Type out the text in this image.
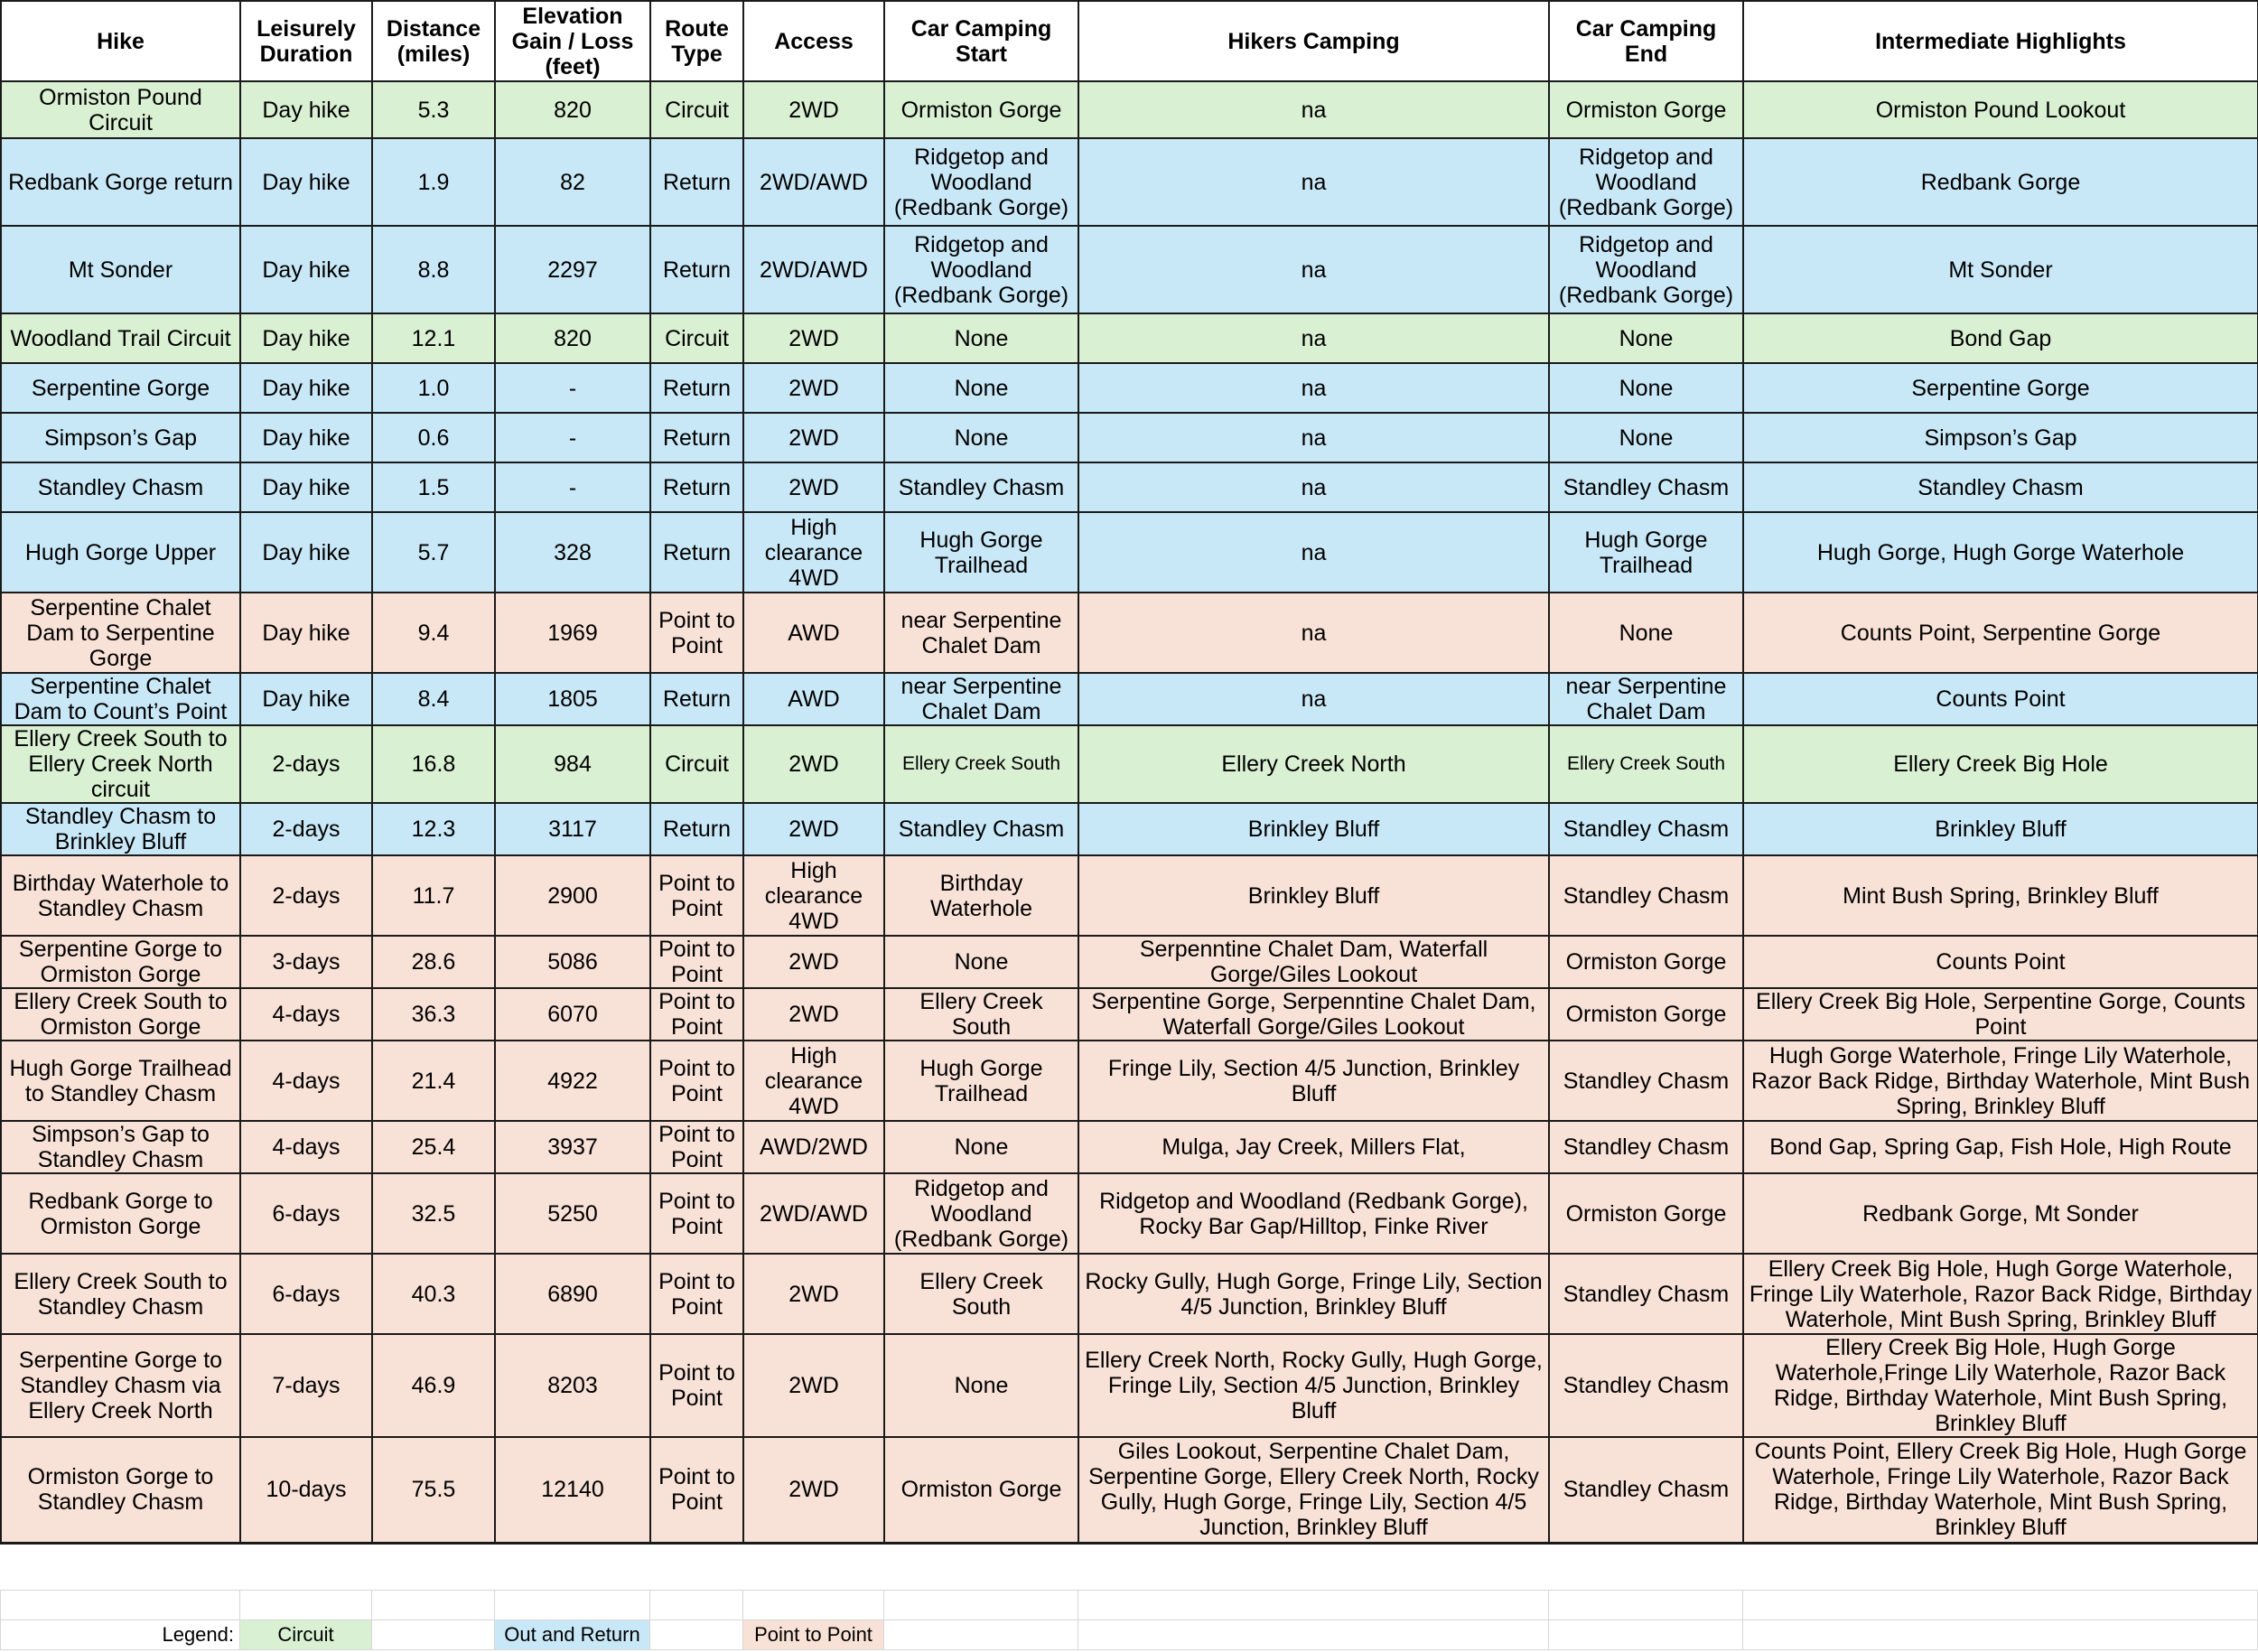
Hike	Leisurely Duration	Distance (miles)	Elevation Gain / Loss (feet)	Route Type	Access	Car Camping Start	Hikers Camping	Car Camping End	Intermediate Highlights
Ormiston Pound Circuit	Day hike	5.3	820	Circuit	2WD	Ormiston Gorge	na	Ormiston Gorge	Ormiston Pound Lookout
Redbank Gorge return	Day hike	1.9	82	Return	2WD/AWD	Ridgetop and Woodland (Redbank Gorge)	na	Ridgetop and Woodland (Redbank Gorge)	Redbank Gorge
Mt Sonder	Day hike	8.8	2297	Return	2WD/AWD	Ridgetop and Woodland (Redbank Gorge)	na	Ridgetop and Woodland (Redbank Gorge)	Mt Sonder
Woodland Trail Circuit	Day hike	12.1	820	Circuit	2WD	None	na	None	Bond Gap
Serpentine Gorge	Day hike	1.0	-	Return	2WD	None	na	None	Serpentine Gorge
Simpson’s Gap	Day hike	0.6	-	Return	2WD	None	na	None	Simpson’s Gap
Standley Chasm	Day hike	1.5	-	Return	2WD	Standley Chasm	na	Standley Chasm	Standley Chasm
Hugh Gorge Upper	Day hike	5.7	328	Return	High clearance 4WD	Hugh Gorge Trailhead	na	Hugh Gorge Trailhead	Hugh Gorge, Hugh Gorge Waterhole
Serpentine Chalet Dam to Serpentine Gorge	Day hike	9.4	1969	Point to Point	AWD	near Serpentine Chalet Dam	na	None	Counts Point, Serpentine Gorge
Serpentine Chalet Dam to Count’s Point	Day hike	8.4	1805	Return	AWD	near Serpentine Chalet Dam	na	near Serpentine Chalet Dam	Counts Point
Ellery Creek South to Ellery Creek North circuit	2-days	16.8	984	Circuit	2WD	Ellery Creek South	Ellery Creek North	Ellery Creek South	Ellery Creek Big Hole
Standley Chasm to Brinkley Bluff	2-days	12.3	3117	Return	2WD	Standley Chasm	Brinkley Bluff	Standley Chasm	Brinkley Bluff
Birthday Waterhole to Standley Chasm	2-days	11.7	2900	Point to Point	High clearance 4WD	Birthday Waterhole	Brinkley Bluff	Standley Chasm	Mint Bush Spring, Brinkley Bluff
Serpentine Gorge to Ormiston Gorge	3-days	28.6	5086	Point to Point	2WD	None	Serpenntine Chalet Dam, Waterfall Gorge/Giles Lookout	Ormiston Gorge	Counts Point
Ellery Creek South to Ormiston Gorge	4-days	36.3	6070	Point to Point	2WD	Ellery Creek South	Serpentine Gorge, Serpenntine Chalet Dam, Waterfall Gorge/Giles Lookout	Ormiston Gorge	Ellery Creek Big Hole, Serpentine Gorge, Counts Point
Hugh Gorge Trailhead to Standley Chasm	4-days	21.4	4922	Point to Point	High clearance 4WD	Hugh Gorge Trailhead	Fringe Lily, Section 4/5 Junction, Brinkley Bluff	Standley Chasm	Hugh Gorge Waterhole, Fringe Lily Waterhole, Razor Back Ridge, Birthday Waterhole, Mint Bush Spring, Brinkley Bluff
Simpson’s Gap to Standley Chasm	4-days	25.4	3937	Point to Point	AWD/2WD	None	Mulga, Jay Creek, Millers Flat,	Standley Chasm	Bond Gap, Spring Gap, Fish Hole, High Route
Redbank Gorge to Ormiston Gorge	6-days	32.5	5250	Point to Point	2WD/AWD	Ridgetop and Woodland (Redbank Gorge)	Ridgetop and Woodland (Redbank Gorge), Rocky Bar Gap/Hilltop, Finke River	Ormiston Gorge	Redbank Gorge, Mt Sonder
Ellery Creek South to Standley Chasm	6-days	40.3	6890	Point to Point	2WD	Ellery Creek South	Rocky Gully, Hugh Gorge, Fringe Lily, Section 4/5 Junction, Brinkley Bluff	Standley Chasm	Ellery Creek Big Hole, Hugh Gorge Waterhole, Fringe Lily Waterhole, Razor Back Ridge, Birthday Waterhole, Mint Bush Spring, Brinkley Bluff
Serpentine Gorge to Standley Chasm via Ellery Creek North	7-days	46.9	8203	Point to Point	2WD	None	Ellery Creek North, Rocky Gully, Hugh Gorge, Fringe Lily, Section 4/5 Junction, Brinkley Bluff	Standley Chasm	Ellery Creek Big Hole, Hugh Gorge Waterhole,Fringe Lily Waterhole, Razor Back Ridge, Birthday Waterhole, Mint Bush Spring, Brinkley Bluff
Ormiston Gorge to Standley Chasm	10-days	75.5	12140	Point to Point	2WD	Ormiston Gorge	Giles Lookout, Serpentine Chalet Dam, Serpentine Gorge, Ellery Creek North, Rocky Gully, Hugh Gorge, Fringe Lily, Section 4/5 Junction, Brinkley Bluff	Standley Chasm	Counts Point, Ellery Creek Big Hole, Hugh Gorge Waterhole, Fringe Lily Waterhole, Razor Back Ridge, Birthday Waterhole, Mint Bush Spring, Brinkley Bluff

Legend:	Circuit		Out and Return		Point to Point				
